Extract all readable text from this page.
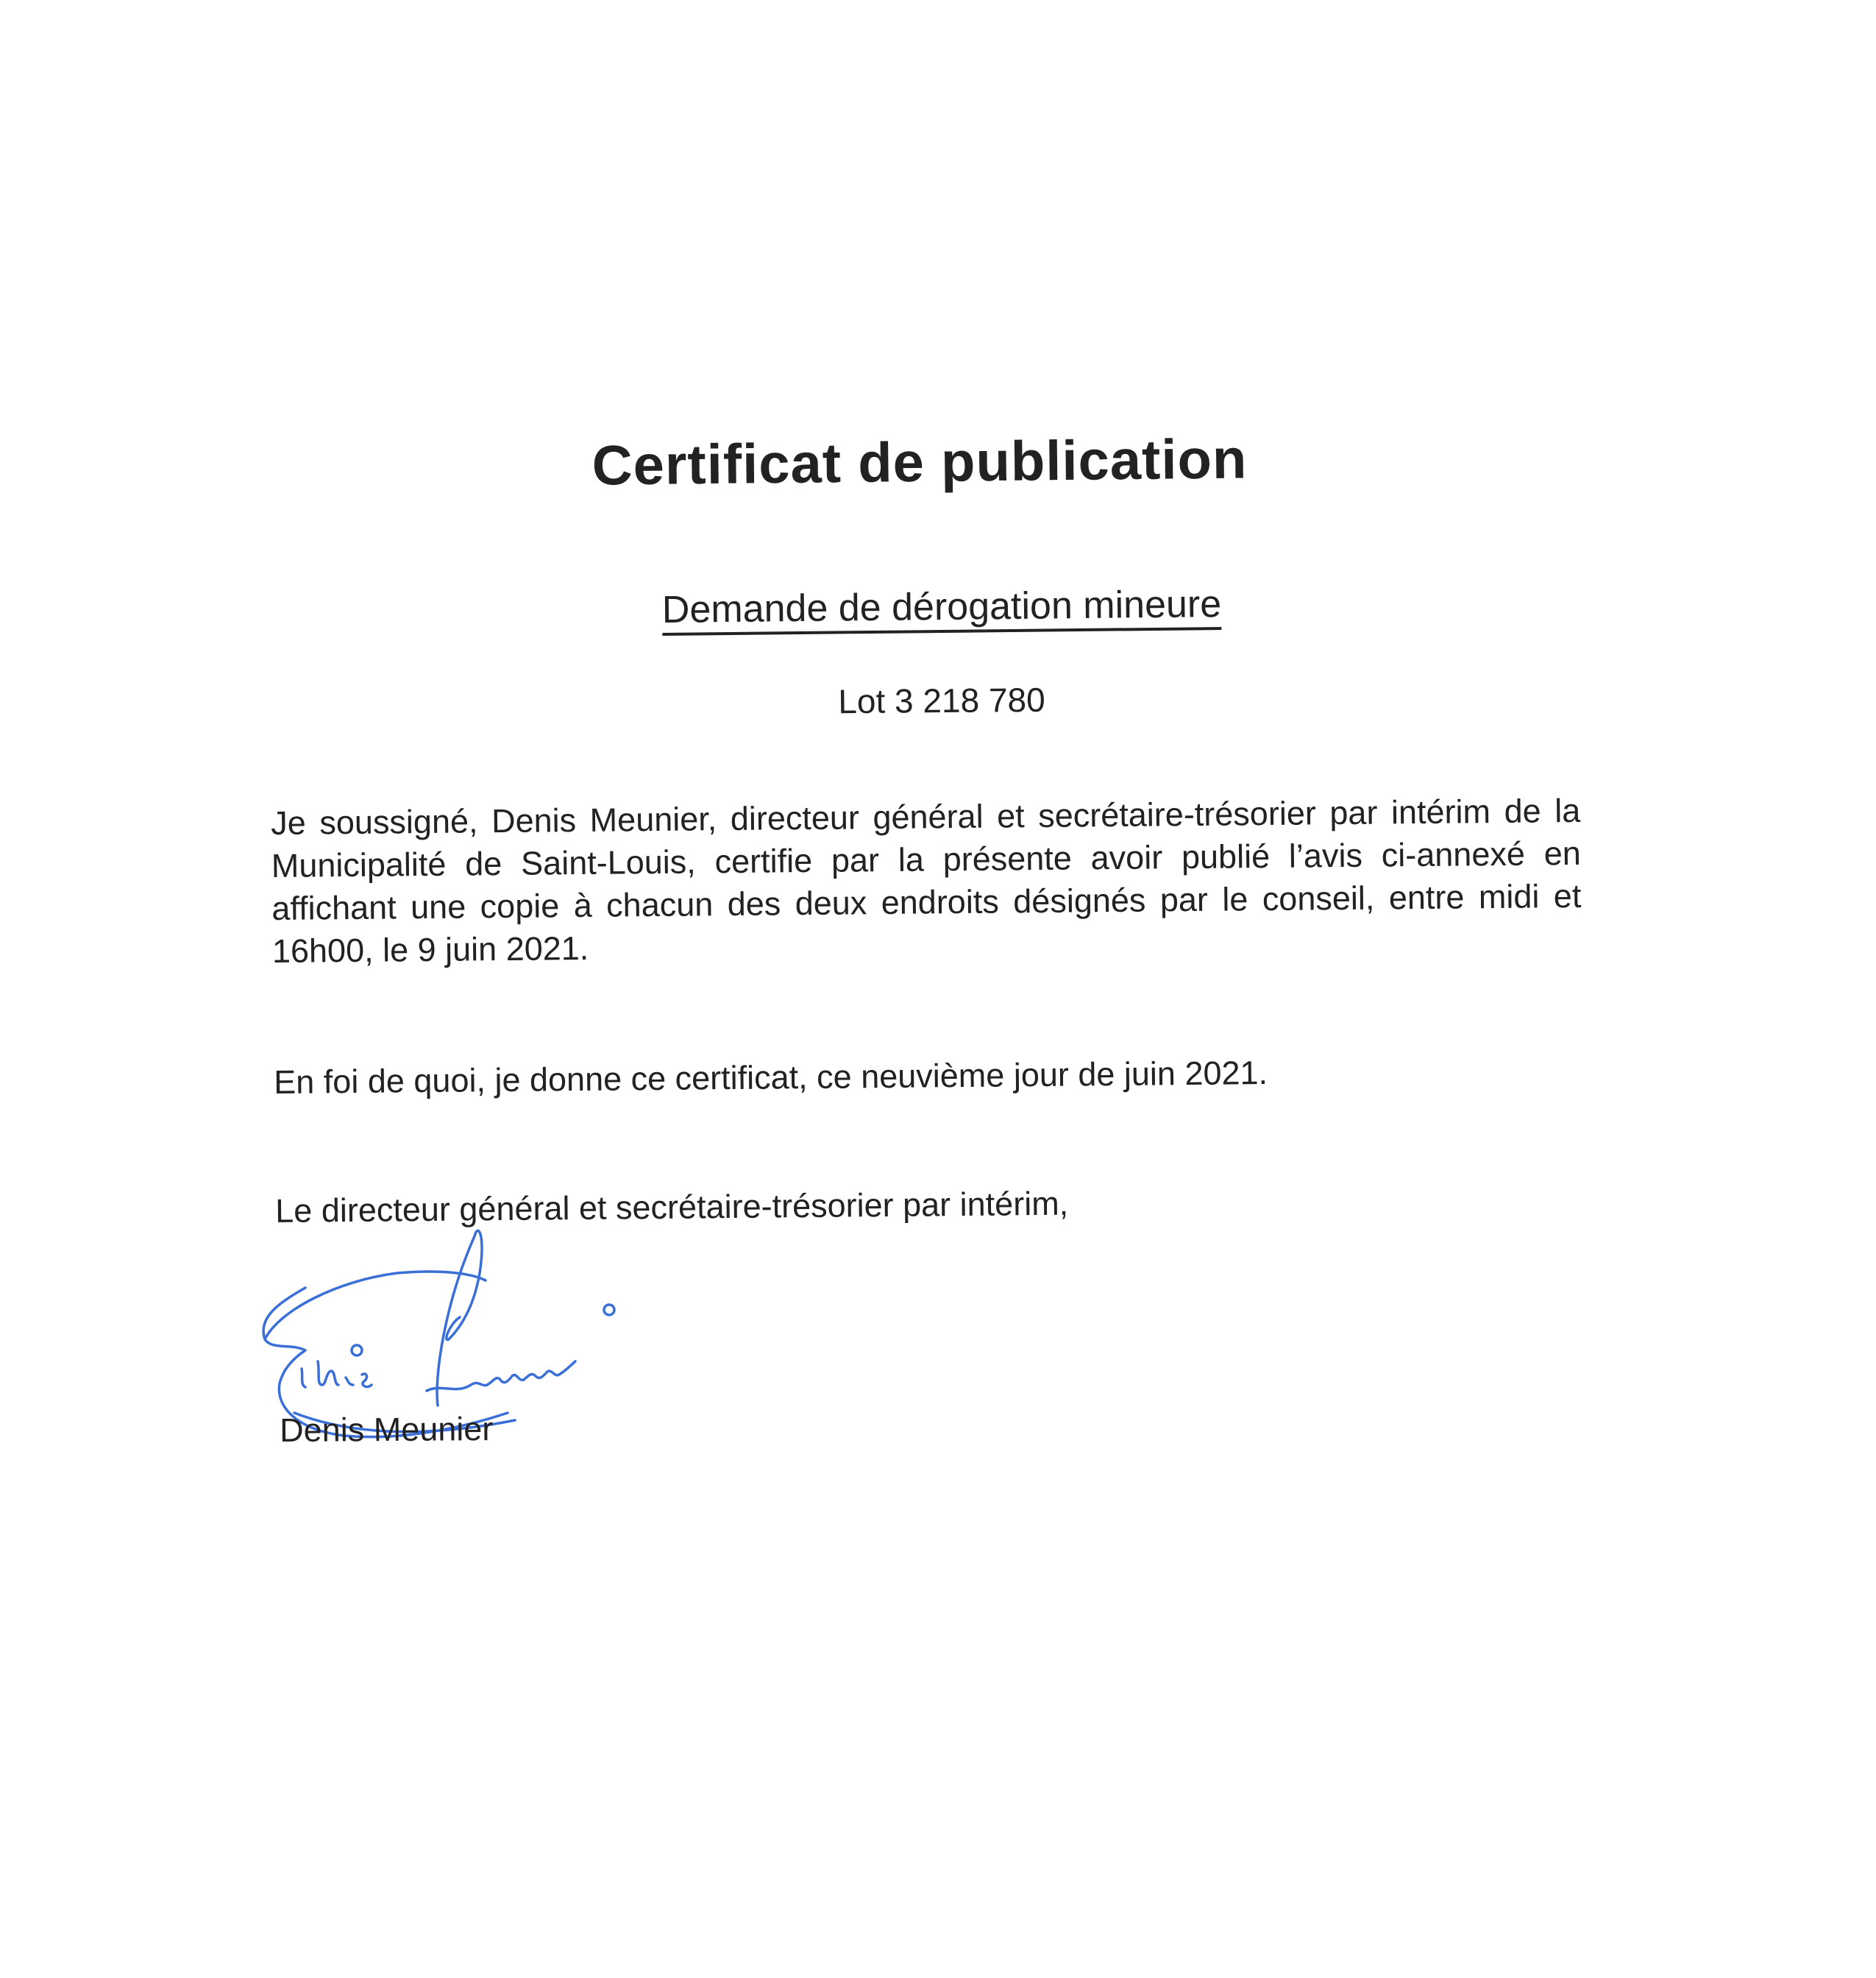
Certificat de publication
Demande de dérogation mineure
Lot 3 218 780
Je soussigné, Denis Meunier, directeur général et secrétaire-trésorier par intérim de la Municipalité de Saint-Louis, certifie par la présente avoir publié l’avis ci-annexé en affichant une copie à chacun des deux endroits désignés par le conseil, entre midi et 16h00, le 9 juin 2021.
En foi de quoi, je donne ce certificat, ce neuvième jour de juin 2021.
Le directeur général et secrétaire-trésorier par intérim,
Denis Meunier
